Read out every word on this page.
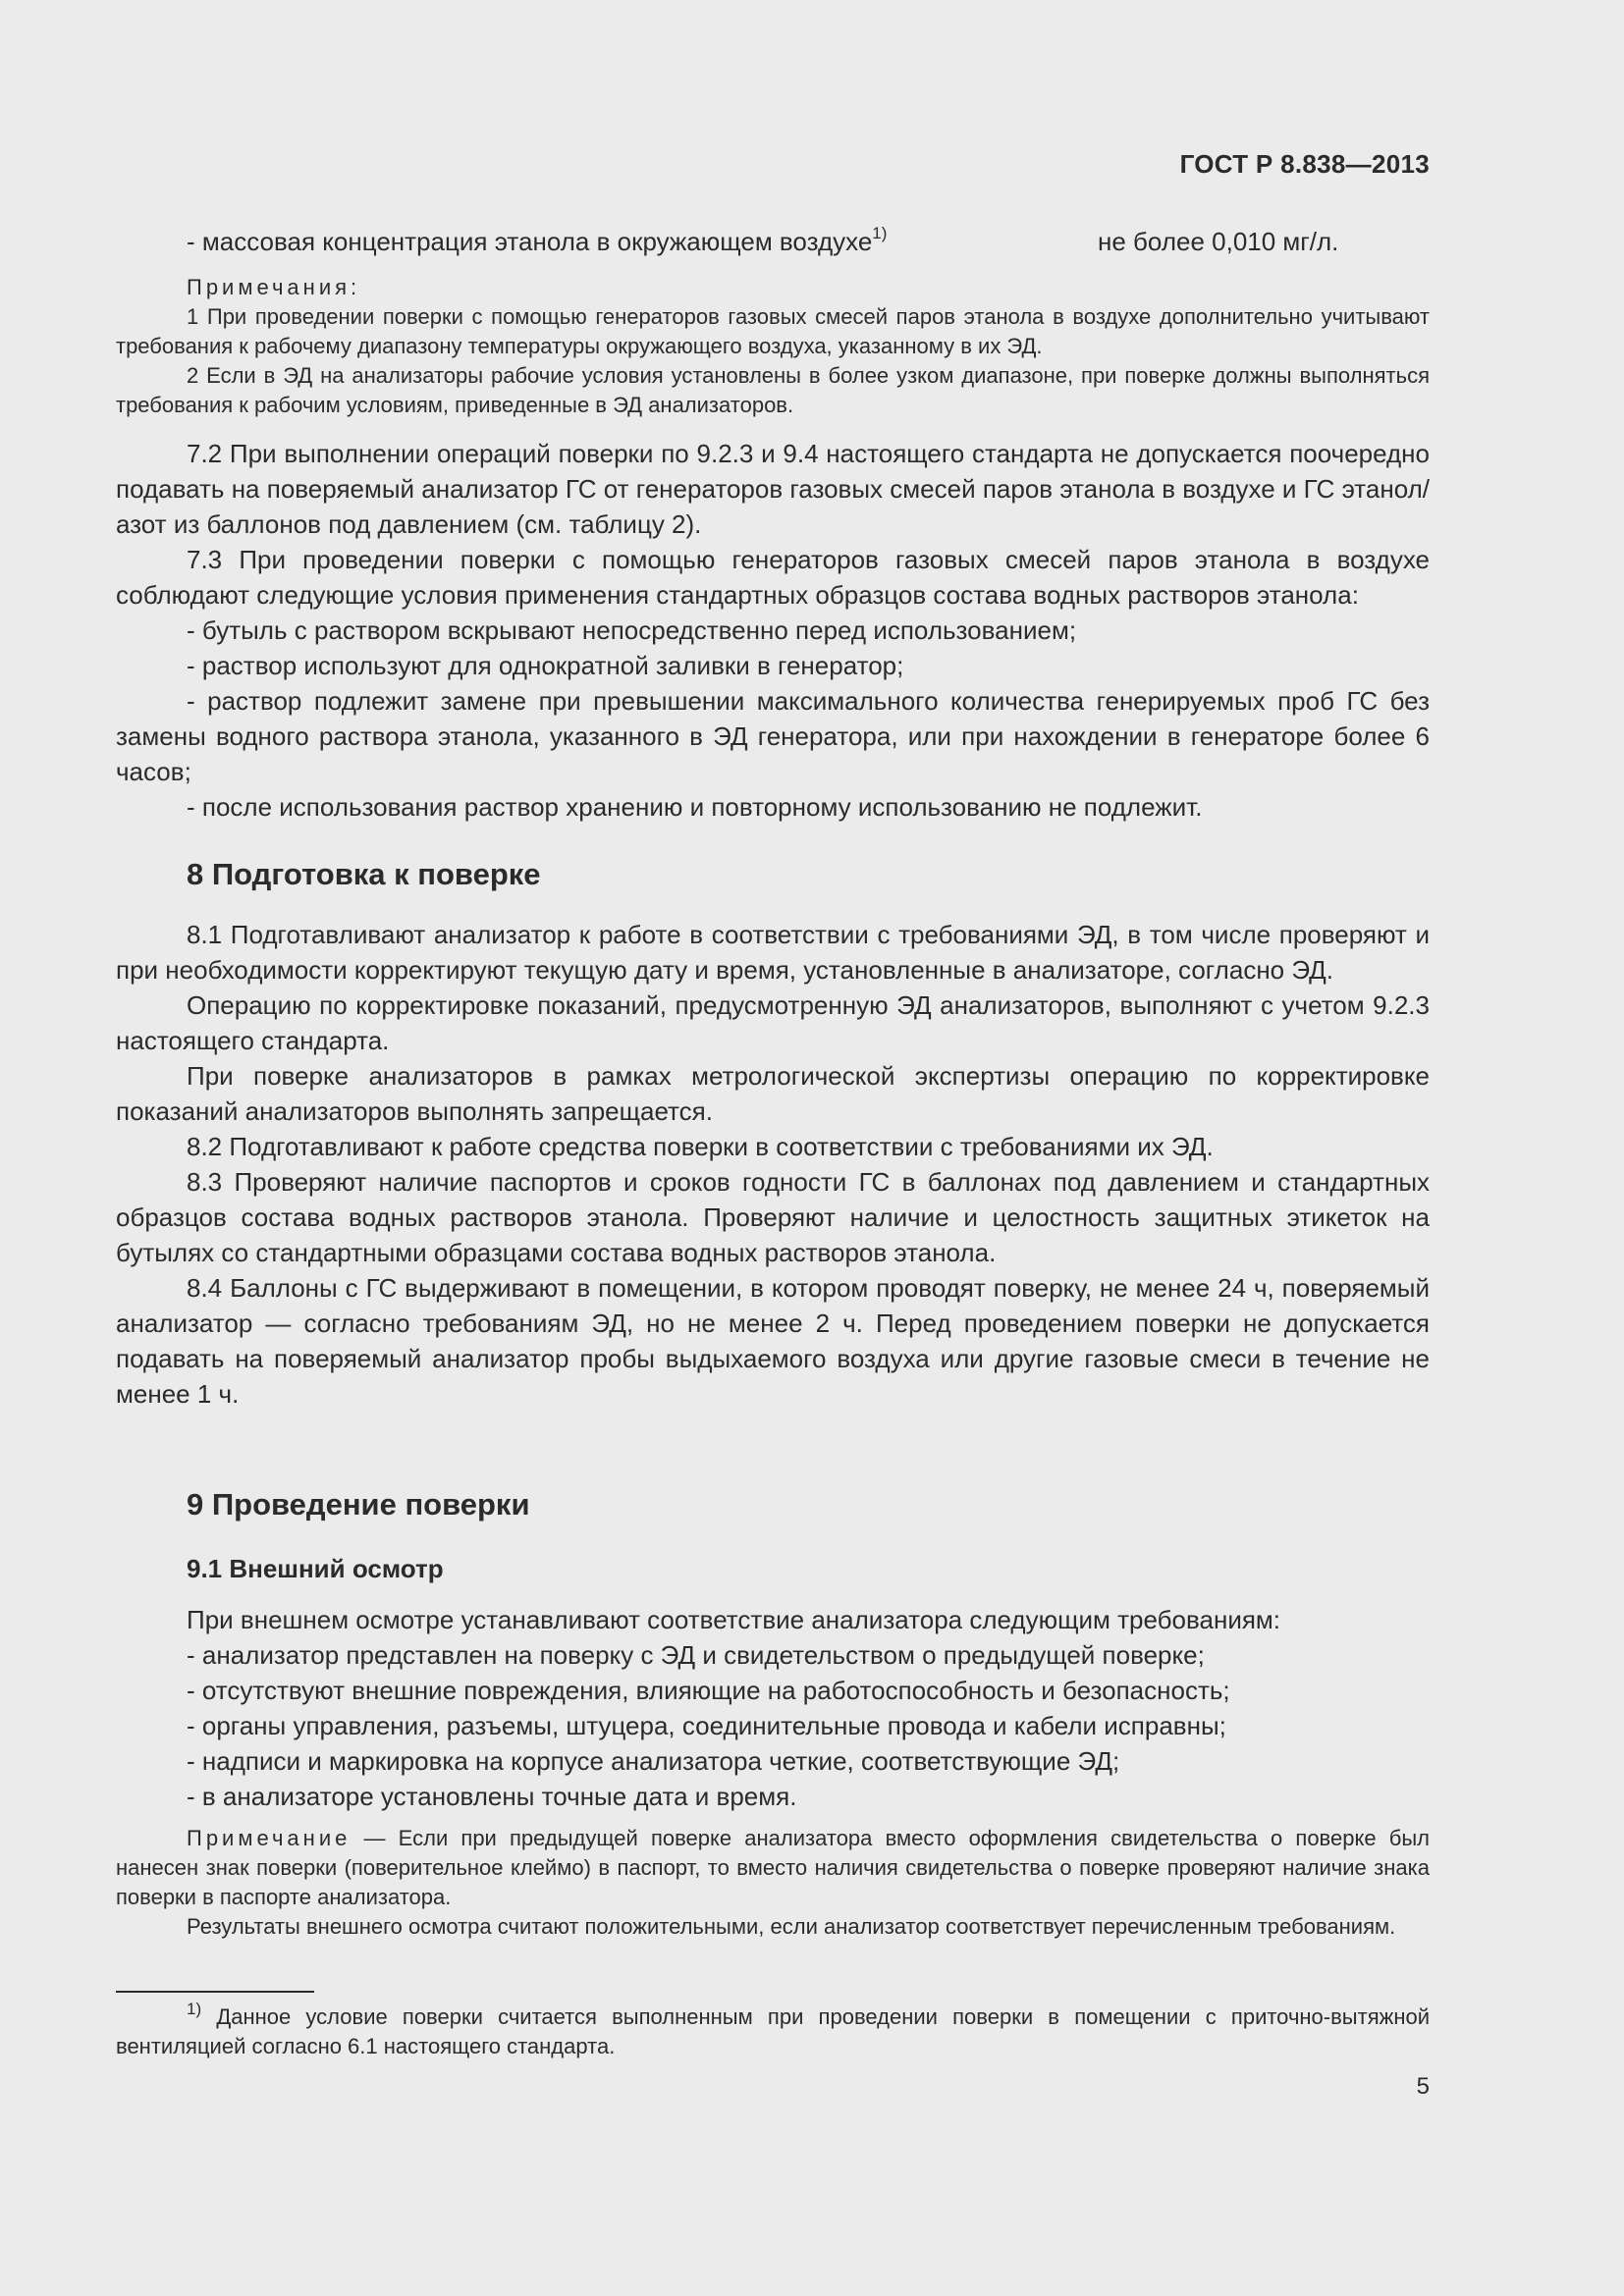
ГОСТ Р 8.838—2013
- массовая концентрация этанола в окружающем воздухе$^{1)}$	не более 0,010 мг/л.

Примечания:

1 При проведении поверки с помощью генераторов газовых смесей паров этанола в воздухе дополнительно учитывают требования к рабочему диапазону температуры окружающего воздуха, указанному в их ЭД.

2 Если в ЭД на анализаторы рабочие условия установлены в более узком диапазоне, при поверке должны выполняться требования к рабочим условиям, приведенные в ЭД анализаторов.

7.2 При выполнении операций поверки по 9.2.3 и 9.4 настоящего стандарта не допускается поочередно подавать на поверяемый анализатор ГС от генераторов газовых смесей паров этанола в воздухе и ГС этанол/азот из баллонов под давлением (см. таблицу 2).

7.3 При проведении поверки с помощью генераторов газовых смесей паров этанола в воздухе соблюдают следующие условия применения стандартных образцов состава водных растворов этанола:

- бутыль с раствором вскрывают непосредственно перед использованием;

- раствор используют для однократной заливки в генератор;

- раствор подлежит замене при превышении максимального количества генерируемых проб ГС без замены водного раствора этанола, указанного в ЭД генератора, или при нахождении в генераторе более 6 часов;

- после использования раствор хранению и повторному использованию не подлежит.

8 Подготовка к поверке

8.1 Подготавливают анализатор к работе в соответствии с требованиями ЭД, в том числе проверяют и при необходимости корректируют текущую дату и время, установленные в анализаторе, согласно ЭД.

Операцию по корректировке показаний, предусмотренную ЭД анализаторов, выполняют с учетом 9.2.3 настоящего стандарта.

При поверке анализаторов в рамках метрологической экспертизы операцию по корректировке показаний анализаторов выполнять запрещается.

8.2 Подготавливают к работе средства поверки в соответствии с требованиями их ЭД.

8.3 Проверяют наличие паспортов и сроков годности ГС в баллонах под давлением и стандартных образцов состава водных растворов этанола. Проверяют наличие и целостность защитных этикеток на бутылях со стандартными образцами состава водных растворов этанола.

8.4 Баллоны с ГС выдерживают в помещении, в котором проводят поверку, не менее 24 ч, поверяемый анализатор — согласно требованиям ЭД, но не менее 2 ч. Перед проведением поверки не допускается подавать на поверяемый анализатор пробы выдыхаемого воздуха или другие газовые смеси в течение не менее 1 ч.

9 Проведение поверки
9.1 Внешний осмотр

При внешнем осмотре устанавливают соответствие анализатора следующим требованиям:

- анализатор представлен на поверку с ЭД и свидетельством о предыдущей поверке;

- отсутствуют внешние повреждения, влияющие на работоспособность и безопасность;

- органы управления, разъемы, штуцера, соединительные провода и кабели исправны;

- надписи и маркировка на корпусе анализатора четкие, соответствующие ЭД;

- в анализаторе установлены точные дата и время.

Примечание — Если при предыдущей поверке анализатора вместо оформления свидетельства о поверке был нанесен знак поверки (поверительное клеймо) в паспорт, то вместо наличия свидетельства о поверке проверяют наличие знака поверки в паспорте анализатора.

Результаты внешнего осмотра считают положительными, если анализатор соответствует перечисленным требованиям.

$^{1)}$ Данное условие поверки считается выполненным при проведении поверки в помещении с приточно-вытяжной вентиляцией согласно 6.1 настоящего стандарта.

5
